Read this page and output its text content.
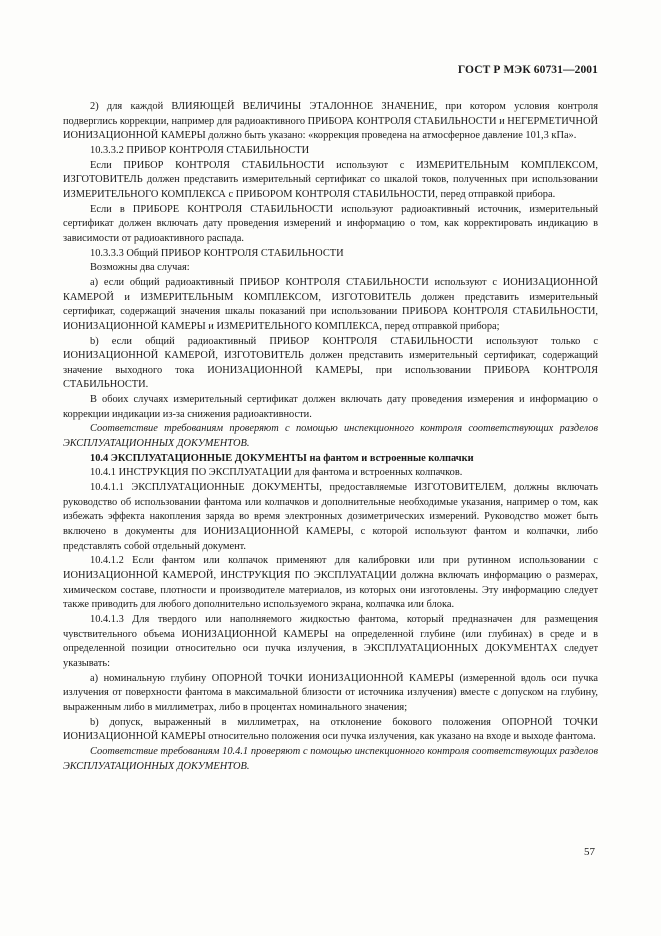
ГОСТ Р МЭК 60731—2001

2) для каждой ВЛИЯЮЩЕЙ ВЕЛИЧИНЫ ЭТАЛОННОЕ ЗНАЧЕНИЕ, при котором условия контроля подверглись коррекции, например для радиоактивного ПРИБОРА КОНТРОЛЯ СТАБИЛЬНОСТИ и НЕГЕРМЕТИЧНОЙ ИОНИЗАЦИОННОЙ КАМЕРЫ должно быть указано: «коррекция проведена на атмосферное давление 101,3 кПа».

10.3.3.2 ПРИБОР КОНТРОЛЯ СТАБИЛЬНОСТИ

Если ПРИБОР КОНТРОЛЯ СТАБИЛЬНОСТИ используют с ИЗМЕРИТЕЛЬНЫМ КОМПЛЕКСОМ, ИЗГОТОВИТЕЛЬ должен представить измерительный сертификат со шкалой токов, полученных при использовании ИЗМЕРИТЕЛЬНОГО КОМПЛЕКСА с ПРИБОРОМ КОНТРОЛЯ СТАБИЛЬНОСТИ, перед отправкой прибора.

Если в ПРИБОРЕ КОНТРОЛЯ СТАБИЛЬНОСТИ используют радиоактивный источник, измерительный сертификат должен включать дату проведения измерений и информацию о том, как корректировать индикацию в зависимости от радиоактивного распада.

10.3.3.3 Общий ПРИБОР КОНТРОЛЯ СТАБИЛЬНОСТИ

Возможны два случая:

а) если общий радиоактивный ПРИБОР КОНТРОЛЯ СТАБИЛЬНОСТИ используют с ИОНИЗАЦИОННОЙ КАМЕРОЙ и ИЗМЕРИТЕЛЬНЫМ КОМПЛЕКСОМ, ИЗГОТОВИТЕЛЬ должен представить измерительный сертификат, содержащий значения шкалы показаний при использовании ПРИБОРА КОНТРОЛЯ СТАБИЛЬНОСТИ, ИОНИЗАЦИОННОЙ КАМЕРЫ и ИЗМЕРИТЕЛЬНОГО КОМПЛЕКСА, перед отправкой прибора;

b) если общий радиоактивный ПРИБОР КОНТРОЛЯ СТАБИЛЬНОСТИ используют только с ИОНИЗАЦИОННОЙ КАМЕРОЙ, ИЗГОТОВИТЕЛЬ должен представить измерительный сертификат, содержащий значение выходного тока ИОНИЗАЦИОННОЙ КАМЕРЫ, при использовании ПРИБОРА КОНТРОЛЯ СТАБИЛЬНОСТИ.

В обоих случаях измерительный сертификат должен включать дату проведения измерения и информацию о коррекции индикации из-за снижения радиоактивности.

Соответствие требованиям проверяют с помощью инспекционного контроля соответствующих разделов ЭКСПЛУАТАЦИОННЫХ ДОКУМЕНТОВ.

10.4 ЭКСПЛУАТАЦИОННЫЕ ДОКУМЕНТЫ на фантом и встроенные колпачки

10.4.1 ИНСТРУКЦИЯ ПО ЭКСПЛУАТАЦИИ для фантома и встроенных колпачков.

10.4.1.1 ЭКСПЛУАТАЦИОННЫЕ ДОКУМЕНТЫ, предоставляемые ИЗГОТОВИТЕЛЕМ, должны включать руководство об использовании фантома или колпачков и дополнительные необходимые указания, например о том, как избежать эффекта накопления заряда во время электронных дозиметрических измерений. Руководство может быть включено в документы для ИОНИЗАЦИОННОЙ КАМЕРЫ, с которой используют фантом и колпачки, либо представлять собой отдельный документ.

10.4.1.2 Если фантом или колпачок применяют для калибровки или при рутинном использовании с ИОНИЗАЦИОННОЙ КАМЕРОЙ, ИНСТРУКЦИЯ ПО ЭКСПЛУАТАЦИИ должна включать информацию о размерах, химическом составе, плотности и производителе материалов, из которых они изготовлены. Эту информацию следует также приводить для любого дополнительно используемого экрана, колпачка или блока.

10.4.1.3 Для твердого или наполняемого жидкостью фантома, который предназначен для размещения чувствительного объема ИОНИЗАЦИОННОЙ КАМЕРЫ на определенной глубине (или глубинах) в среде и в определенной позиции относительно оси пучка излучения, в ЭКСПЛУАТАЦИОННЫХ ДОКУМЕНТАХ следует указывать:

а) номинальную глубину ОПОРНОЙ ТОЧКИ ИОНИЗАЦИОННОЙ КАМЕРЫ (измеренной вдоль оси пучка излучения от поверхности фантома в максимальной близости от источника излучения) вместе с допуском на глубину, выраженным либо в миллиметрах, либо в процентах номинального значения;

b) допуск, выраженный в миллиметрах, на отклонение бокового положения ОПОРНОЙ ТОЧКИ ИОНИЗАЦИОННОЙ КАМЕРЫ относительно положения оси пучка излучения, как указано на входе и выходе фантома.

Соответствие требованиям 10.4.1 проверяют с помощью инспекционного контроля соответствующих разделов ЭКСПЛУАТАЦИОННЫХ ДОКУМЕНТОВ.

57
